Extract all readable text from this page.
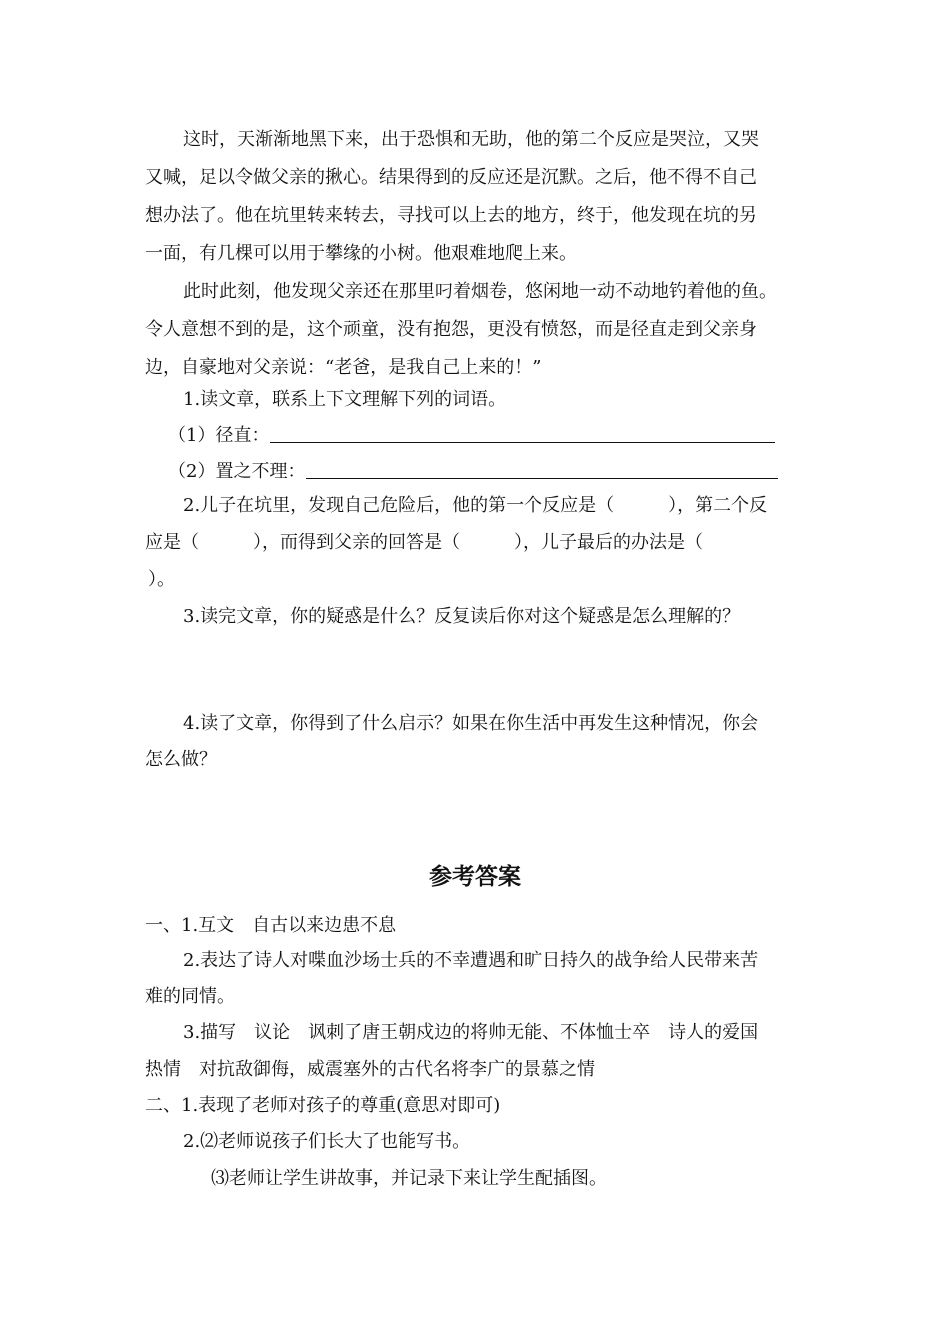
这时，天渐渐地黑下来，出于恐惧和无助，他的第二个反应是哭泣，又哭
又喊，足以令做父亲的揪心。结果得到的反应还是沉默。之后，他不得不自己
想办法了。他在坑里转来转去，寻找可以上去的地方，终于，他发现在坑的另
一面，有几棵可以用于攀缘的小树。他艰难地爬上来。
此时此刻，他发现父亲还在那里叼着烟卷，悠闲地一动不动地钓着他的鱼。
令人意想不到的是，这个顽童，没有抱怨，更没有愤怒，而是径直走到父亲身
边，自豪地对父亲说：“老爸，是我自己上来的！”
1.读文章，联系上下文理解下列的词语。
（1）径直：
（2）置之不理：
2.儿子在坑里，发现自己危险后，他的第一个反应是（　　　），第二个反
应是（　　　），而得到父亲的回答是（　　　），儿子最后的办法是（
）。
3.读完文章，你的疑惑是什么？反复读后你对这个疑惑是怎么理解的？
4.读了文章，你得到了什么启示？如果在你生活中再发生这种情况，你会
怎么做？
参考答案
一、1.互文　自古以来边患不息
2.表达了诗人对喋血沙场士兵的不幸遭遇和旷日持久的战争给人民带来苦
难的同情。
3.描写　议论　讽刺了唐王朝戍边的将帅无能、不体恤士卒　诗人的爱国
热情　对抗敌御侮，威震塞外的古代名将李广的景慕之情
二、1.表现了老师对孩子的尊重(意思对即可)
2.⑵老师说孩子们长大了也能写书。
⑶老师让学生讲故事，并记录下来让学生配插图。
